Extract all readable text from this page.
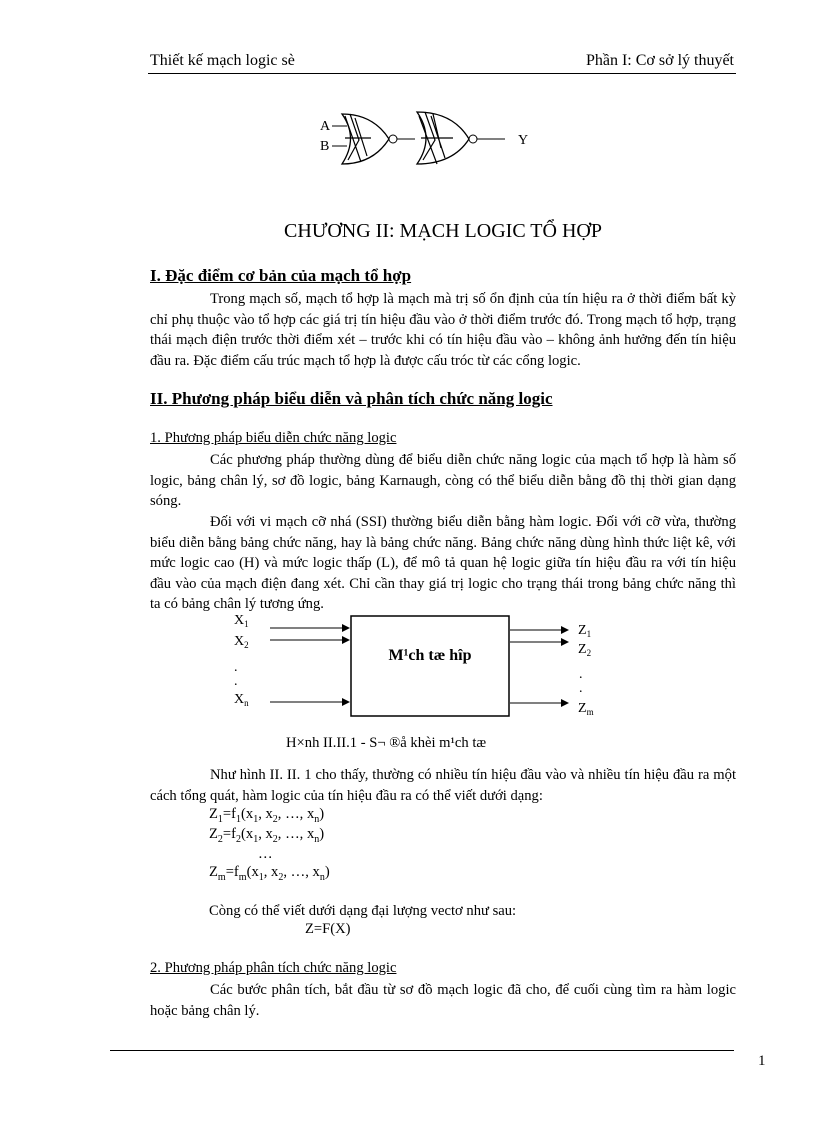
Thiết kế mạch logic sè	Phần I: Cơ sở lý thuyết
A
B	Y
CHƯƠNG II: MẠCH LOGIC TỔ HỢP
I. Đặc điểm cơ bản của mạch tổ hợp
Trong mạch số, mạch tổ hợp là mạch mà trị số ổn định của tín hiệu ra ở thời điểm bất kỳ chỉ phụ thuộc vào tổ hợp các giá trị tín hiệu đầu vào ở thời điểm trước đó. Trong mạch tổ hợp, trạng thái mạch điện trước thời điểm xét – trước khi có tín hiệu đầu vào – không ảnh hưởng đến tín hiệu đầu ra. Đặc điểm cấu trúc mạch tổ hợp là được cấu tróc từ các cổng logic.
II. Phương pháp biểu diễn và phân tích chức năng logic
1. Phương pháp biểu diễn chức năng logic
Các phương pháp thường dùng để biểu diễn chức năng logic của mạch tổ hợp là hàm số logic, bảng chân lý, sơ đồ logic, bảng Karnaugh, còng có thể biểu diễn bằng đồ thị thời gian dạng sóng.
Đối với vi mạch cỡ nhá (SSI) thường biểu diễn bằng hàm logic. Đối với cỡ vừa, thường biểu diễn bằng bảng chức năng, hay là bảng chức năng. Bảng chức năng dùng hình thức liệt kê, với mức logic cao (H) và mức logic thấp (L), để mô tả quan hệ logic giữa tín hiệu đầu ra với tín hiệu đầu vào của mạch điện đang xét. Chỉ cần thay giá trị logic cho trạng thái trong bảng chức năng thì ta có bảng chân lý tương ứng.
M¹ch tæ hîp
$X_1$
$X_2$
.
.
$X_n$
$Z_1$
$Z_2$
.
.
$Z_m$
H×nh II.II.1 - S¬ ®å khèi m¹ch tæ
Như hình II. II. 1 cho thấy, thường có nhiều tín hiệu đầu vào và nhiều tín hiệu đầu ra một cách tổng quát, hàm logic của tín hiệu đầu ra có thể viết dưới dạng:
$Z_1=f_1(x_1$, $x_2$, …, $x_n$)
$Z_2=f_2(x_1$, $x_2$, …, $x_n$)
…
$Z_m=f_m(x_1$, $x_2$, …, $x_n$)
Còng có thể viết dưới dạng đại lượng vectơ như sau:
Z=F(X)
2. Phương pháp phân tích chức năng logic
Các bước phân tích, bắt đầu từ sơ đồ mạch logic đã cho, để cuối cùng tìm ra hàm logic hoặc bảng chân lý.
1
